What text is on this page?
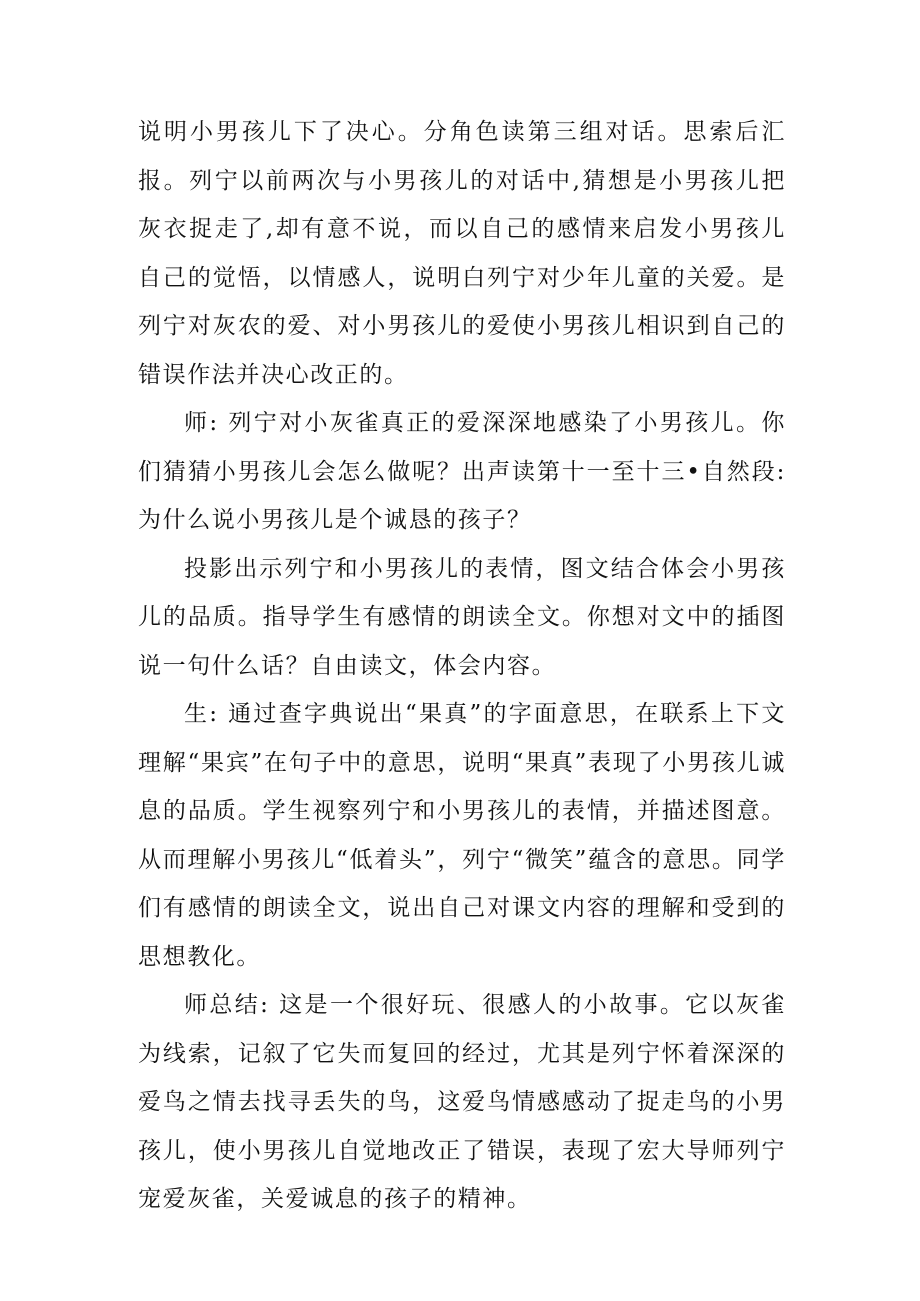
说明小男孩儿下了决心。分角色读第三组对话。思索后汇报。列宁以前两次与小男孩儿的对话中,猜想是小男孩儿把灰衣捉走了,却有意不说，而以自己的感情来启发小男孩儿自己的觉悟，以情感人，说明白列宁对少年儿童的关爱。是列宁对灰农的爱、对小男孩儿的爱使小男孩儿相识到自己的错误作法并决心改正的。

师: 列宁对小灰雀真正的爱深深地感染了小男孩儿。你们猜猜小男孩儿会怎么做呢？出声读第十一至十三•自然段: 为什么说小男孩儿是个诚恳的孩子？

投影出示列宁和小男孩儿的表情，图文结合体会小男孩儿的品质。指导学生有感情的朗读全文。你想对文中的插图说一句什么话？自由读文，体会内容。

生: 通过查字典说出“果真”的字面意思，在联系上下文理解“果宾”在句子中的意思，说明“果真”表现了小男孩儿诚息的品质。学生视察列宁和小男孩儿的表情，并描述图意。从而理解小男孩儿“低着头”，列宁“微笑”蕴含的意思。同学们有感情的朗读全文，说出自己对课文内容的理解和受到的思想教化。

师总结: 这是一个很好玩、很感人的小故事。它以灰雀为线索，记叙了它失而复回的经过，尤其是列宁怀着深深的爱鸟之情去找寻丢失的鸟，这爱鸟情感感动了捉走鸟的小男孩儿，使小男孩儿自觉地改正了错误，表现了宏大导师列宁宠爱灰雀，关爱诚息的孩子的精神。
